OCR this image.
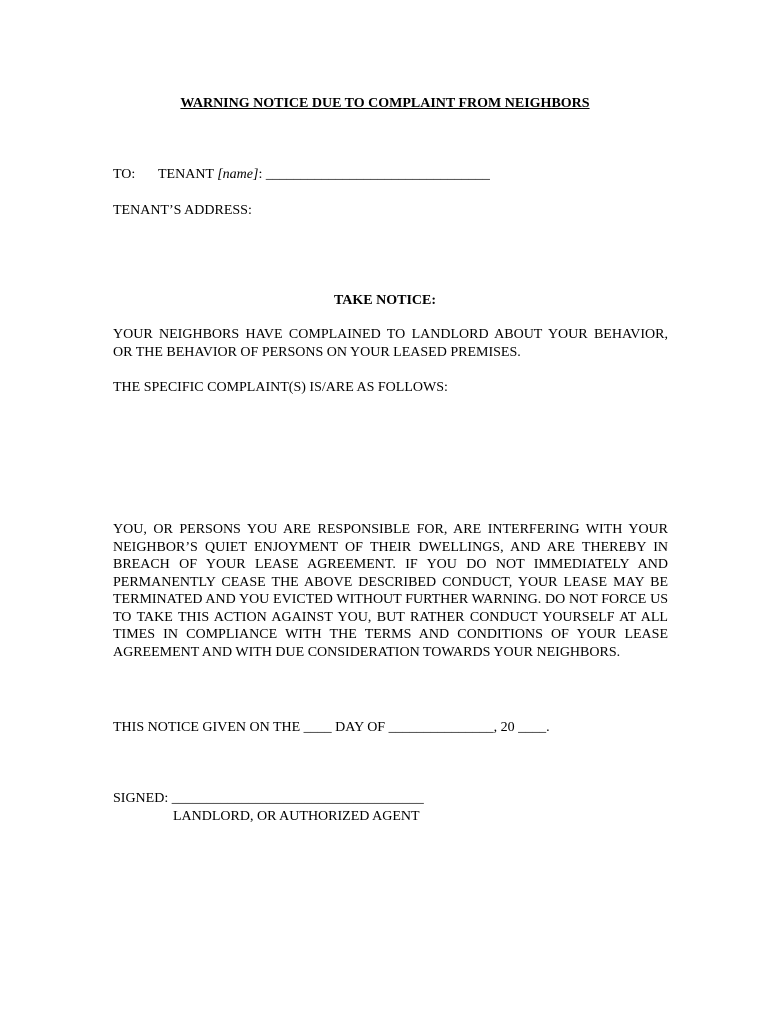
WARNING NOTICE DUE TO COMPLAINT FROM NEIGHBORS
TO: TENANT [name]: ________________________________
TENANT’S ADDRESS:
TAKE NOTICE:
YOUR NEIGHBORS HAVE COMPLAINED TO LANDLORD ABOUT YOUR BEHAVIOR, OR THE BEHAVIOR OF PERSONS ON YOUR LEASED PREMISES.
THE SPECIFIC COMPLAINT(S) IS/ARE AS FOLLOWS:
YOU, OR PERSONS YOU ARE RESPONSIBLE FOR, ARE INTERFERING WITH YOUR NEIGHBOR’S QUIET ENJOYMENT OF THEIR DWELLINGS, AND ARE THEREBY IN BREACH OF YOUR LEASE AGREEMENT. IF YOU DO NOT IMMEDIATELY AND PERMANENTLY CEASE THE ABOVE DESCRIBED CONDUCT, YOUR LEASE MAY BE TERMINATED AND YOU EVICTED WITHOUT FURTHER WARNING. DO NOT FORCE US TO TAKE THIS ACTION AGAINST YOU, BUT RATHER CONDUCT YOURSELF AT ALL TIMES IN COMPLIANCE WITH THE TERMS AND CONDITIONS OF YOUR LEASE AGREEMENT AND WITH DUE CONSIDERATION TOWARDS YOUR NEIGHBORS.
THIS NOTICE GIVEN ON THE ____ DAY OF _______________, 20 ____.
SIGNED: ____________________________________
LANDLORD, OR AUTHORIZED AGENT
